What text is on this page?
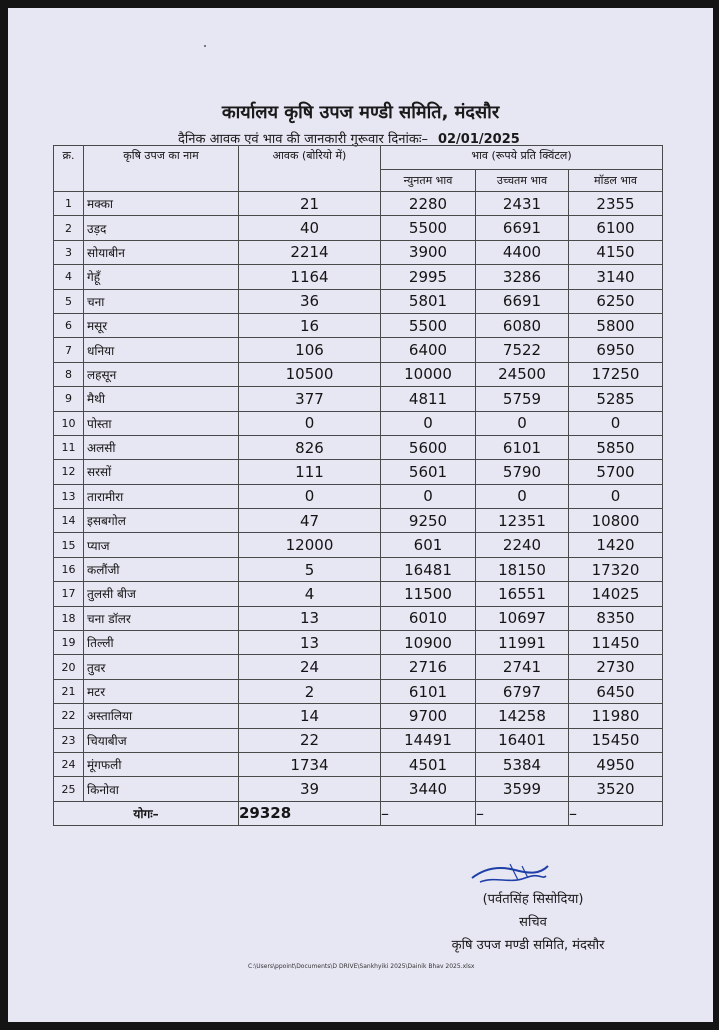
कार्यालय कृषि उपज मण्डी समिति, मंदसौर
दैनिक आवक एवं भाव की जानकारी गुरूवार दिनांकः– 02/01/2025
क्र.	कृषि उपज का नाम	आवक (बोरियो में)	भाव (रूपये प्रति क्विंटल)		
			न्युनतम भाव	उच्चतम भाव	मॉडल भाव
1	मक्का	21	2280	2431	2355
2	उड़द	40	5500	6691	6100
3	सोयाबीन	2214	3900	4400	4150
4	गेहूँ	1164	2995	3286	3140
5	चना	36	5801	6691	6250
6	मसूर	16	5500	6080	5800
7	धनिया	106	6400	7522	6950
8	लहसून	10500	10000	24500	17250
9	मैथी	377	4811	5759	5285
10	पोस्ता	0	0	0	0
11	अलसी	826	5600	6101	5850
12	सरसों	111	5601	5790	5700
13	तारामीरा	0	0	0	0
14	इसबगोल	47	9250	12351	10800
15	प्याज	12000	601	2240	1420
16	कलौंजी	5	16481	18150	17320
17	तुलसी बीज	4	11500	16551	14025
18	चना डॉलर	13	6010	10697	8350
19	तिल्ली	13	10900	11991	11450
20	तुवर	24	2716	2741	2730
21	मटर	2	6101	6797	6450
22	अस्तालिया	14	9700	14258	11980
23	चियाबीज	22	14491	16401	15450
24	मूंगफली	1734	4501	5384	4950
25	किनोवा	39	3440	3599	3520
योगः–		29328	–	–	–
(पर्वतसिंह सिसोदिया)
सचिव
कृषि उपज मण्डी समिति, मंदसौर
C:\Users\ppoint\Documents\D DRIVE\Sankhyiki 2025\Dainik Bhav 2025.xlsx
